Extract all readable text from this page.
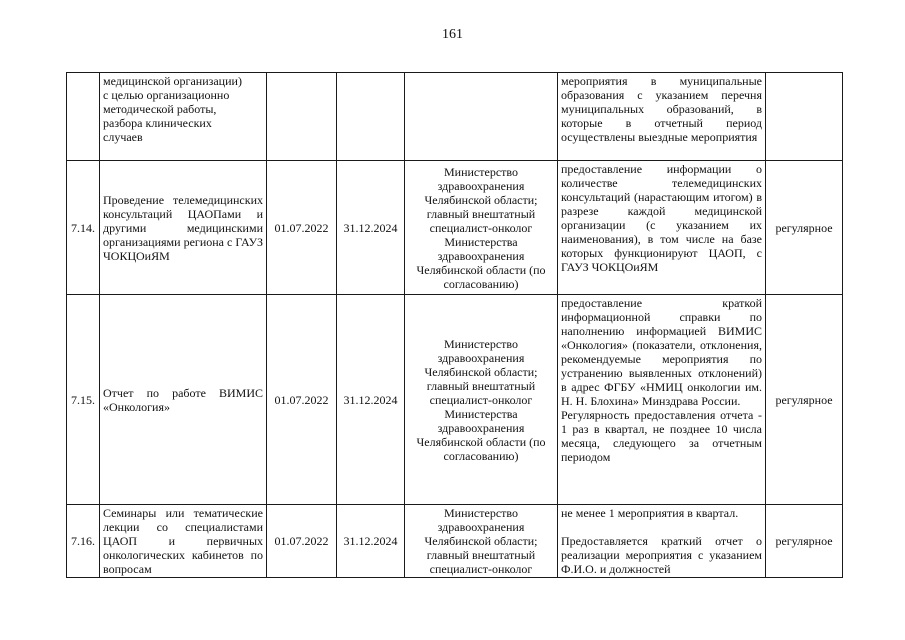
161

	медицинской организации)
с целью организационно
методической работы,
разбора клинических
случаев				мероприятия в муниципальные образования с указанием перечня муниципальных образований, в которые в отчетный период осуществлены выездные мероприятия	

7.14.	Проведение телемедицинских консультаций ЦАОПами и другими медицинскими организациями региона с ГАУЗ ЧОКЦОиЯМ	01.07.2022	31.12.2024	Министерство здравоохранения Челябинской области; главный внештатный специалист-онколог Министерства здравоохранения Челябинской области (по согласованию)	предоставление информации о количестве телемедицинских консультаций (нарастающим итогом) в разрезе каждой медицинской организации (с указанием их наименования), в том числе на базе которых функционируют ЦАОП, с ГАУЗ ЧОКЦОиЯМ	регулярное
7.15.	Отчет по работе ВИМИС «Онкология»	01.07.2022	31.12.2024	Министерство здравоохранения Челябинской области; главный внештатный специалист-онколог Министерства здравоохранения Челябинской области (по согласованию)	предоставление краткой информационной справки по наполнению информацией ВИМИС «Онкология» (показатели, отклонения, рекомендуемые мероприятия по устранению выявленных отклонений) в адрес ФГБУ «НМИЦ онкологии им. Н. Н. Блохина» Минздрава России.
Регулярность предоставления отчета - 1 раз в квартал, не позднее 10 числа месяца, следующего за отчетным периодом	регулярное
7.16.	Семинары или тематические лекции со специалистами ЦАОП и первичных онкологических кабинетов по вопросам	01.07.2022	31.12.2024	Министерство здравоохранения Челябинской области; главный внештатный специалист-онколог	не менее 1 мероприятия в квартал.
Предоставляется краткий отчет о реализации мероприятия с указанием Ф.И.О. и должностей	регулярное
